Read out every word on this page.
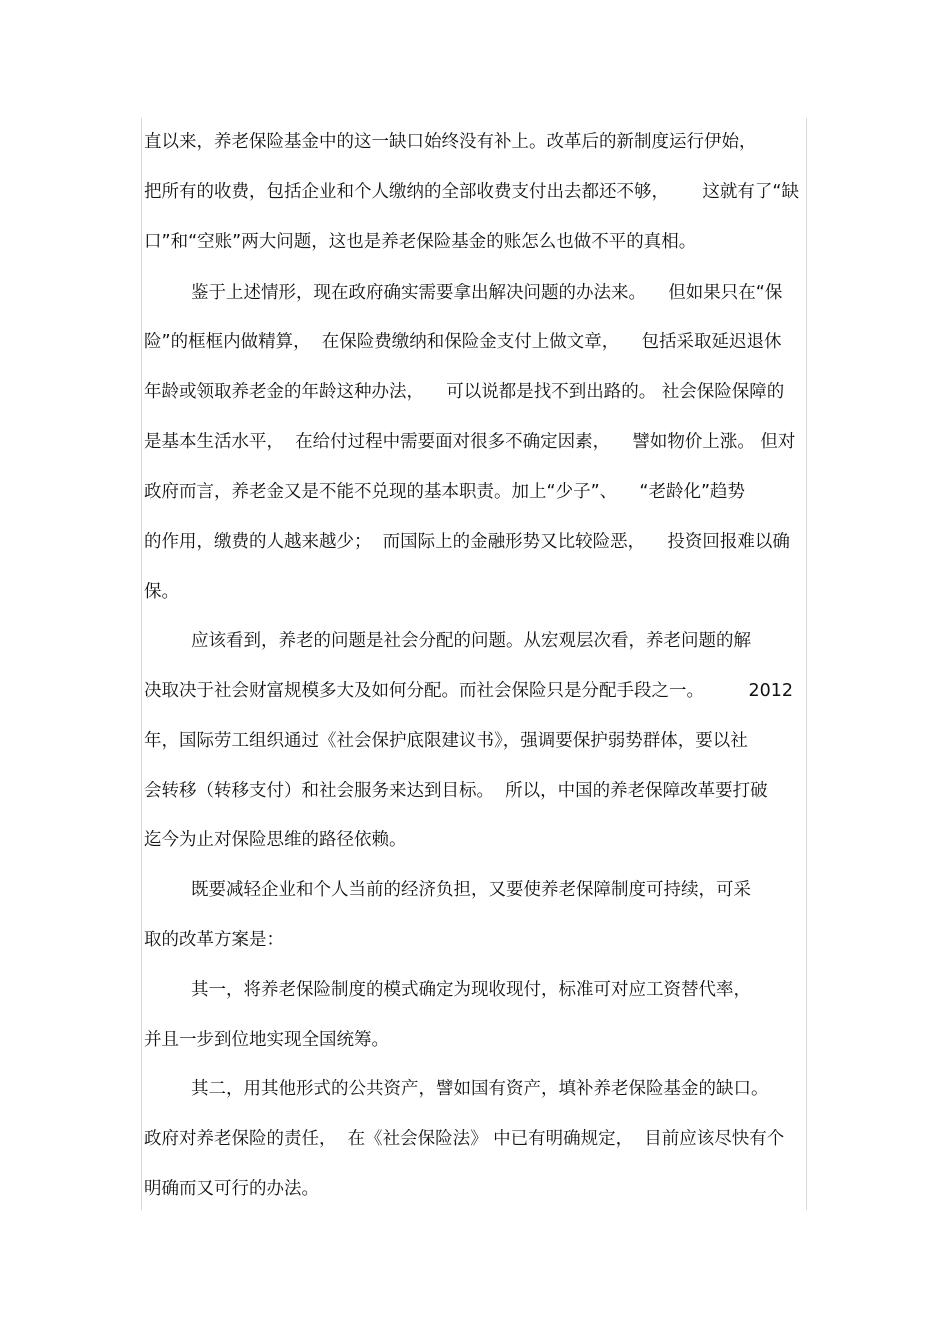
直以来，养老保险基金中的这一缺口始终没有补上。改革后的新制度运行伊始，

把所有的收费，包括企业和个人缴纳的全部收费支付出去都还不够，      这就有了“缺

口”和“空账”两大问题，这也是养老保险基金的账怎么也做不平的真相。

鉴于上述情形，现在政府确实需要拿出解决问题的办法来。    但如果只在“保

险”的框框内做精算，  在保险费缴纳和保险金支付上做文章，    包括采取延迟退休

年龄或领取养老金的年龄这种办法，    可以说都是找不到出路的。 社会保险保障的

是基本生活水平，  在给付过程中需要面对很多不确定因素，    譬如物价上涨。 但对

政府而言，养老金又是不能不兑现的基本职责。加上“少子”、    “老龄化”趋势

的作用，缴费的人越来越少；  而国际上的金融形势又比较险恶，    投资回报难以确

保。

应该看到，养老的问题是社会分配的问题。从宏观层次看，养老问题的解

决取决于社会财富规模多大及如何分配。而社会保险只是分配手段之一。        2012

年，国际劳工组织通过《社会保护底限建议书》，强调要保护弱势群体，要以社

会转移（转移支付）和社会服务来达到目标。  所以，中国的养老保障改革要打破

迄今为止对保险思维的路径依赖。

既要减轻企业和个人当前的经济负担，又要使养老保障制度可持续，可采

取的改革方案是：

其一，将养老保险制度的模式确定为现收现付，标准可对应工资替代率，

并且一步到位地实现全国统筹。

其二，用其他形式的公共资产，譬如国有资产，填补养老保险基金的缺口。

政府对养老保险的责任，  在《社会保险法》 中已有明确规定，  目前应该尽快有个

明确而又可行的办法。
